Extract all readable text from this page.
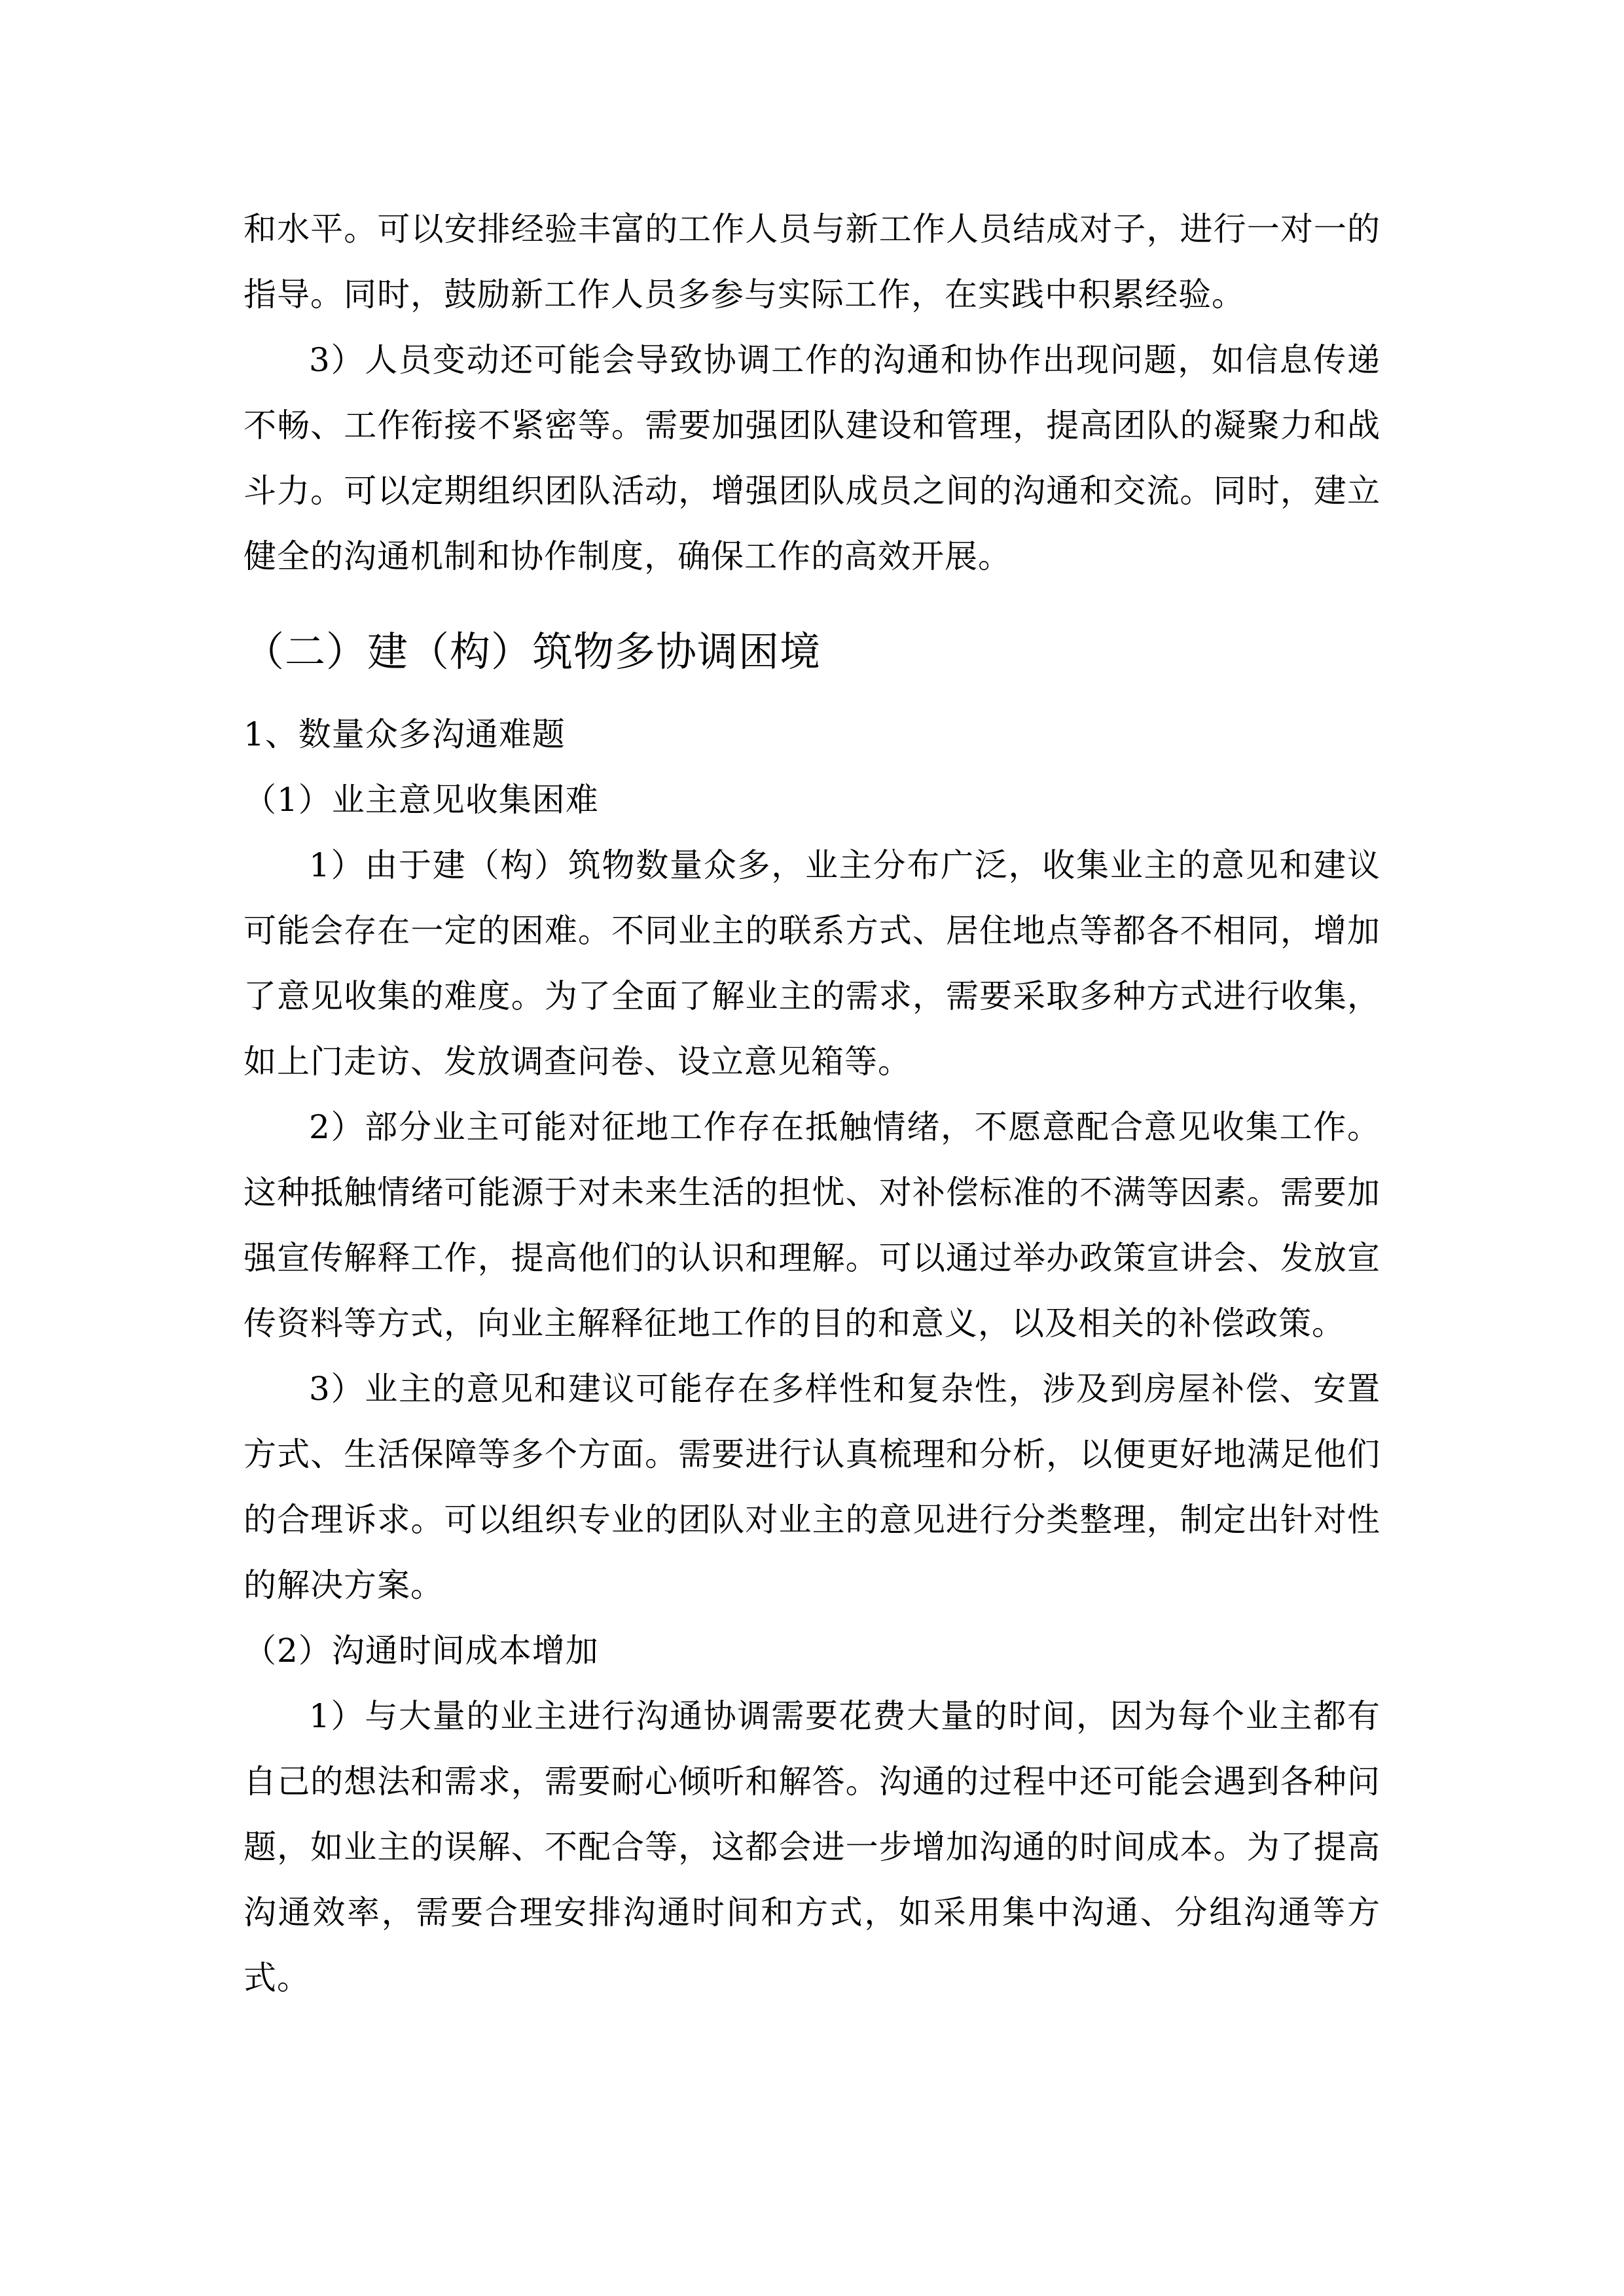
和水平。可以安排经验丰富的工作人员与新工作人员结成对子，进行一对一的指导。同时，鼓励新工作人员多参与实际工作，在实践中积累经验。

3）人员变动还可能会导致协调工作的沟通和协作出现问题，如信息传递不畅、工作衔接不紧密等。需要加强团队建设和管理，提高团队的凝聚力和战斗力。可以定期组织团队活动，增强团队成员之间的沟通和交流。同时，建立健全的沟通机制和协作制度，确保工作的高效开展。

（二）建（构）筑物多协调困境
1、数量众多沟通难题
（1）业主意见收集困难

1）由于建（构）筑物数量众多，业主分布广泛，收集业主的意见和建议可能会存在一定的困难。不同业主的联系方式、居住地点等都各不相同，增加了意见收集的难度。为了全面了解业主的需求，需要采取多种方式进行收集，如上门走访、发放调查问卷、设立意见箱等。

2）部分业主可能对征地工作存在抵触情绪，不愿意配合意见收集工作。这种抵触情绪可能源于对未来生活的担忧、对补偿标准的不满等因素。需要加强宣传解释工作，提高他们的认识和理解。可以通过举办政策宣讲会、发放宣传资料等方式，向业主解释征地工作的目的和意义，以及相关的补偿政策。

3）业主的意见和建议可能存在多样性和复杂性，涉及到房屋补偿、安置方式、生活保障等多个方面。需要进行认真梳理和分析，以便更好地满足他们的合理诉求。可以组织专业的团队对业主的意见进行分类整理，制定出针对性的解决方案。

（2）沟通时间成本增加

1）与大量的业主进行沟通协调需要花费大量的时间，因为每个业主都有自己的想法和需求，需要耐心倾听和解答。沟通的过程中还可能会遇到各种问题，如业主的误解、不配合等，这都会进一步增加沟通的时间成本。为了提高沟通效率，需要合理安排沟通时间和方式，如采用集中沟通、分组沟通等方式。
